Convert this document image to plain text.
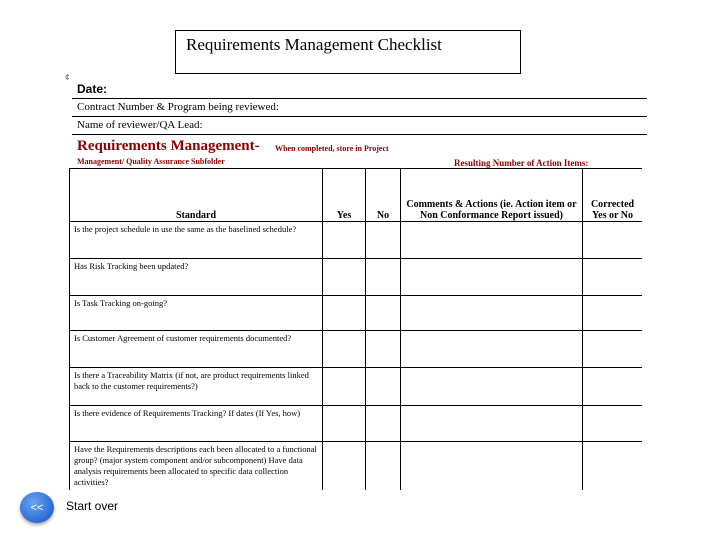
Requirements Management Checklist
¢
Date:
Contract Number & Program being reviewed:
Name of reviewer/QA Lead:
Requirements Management- When completed, store in Project
Management/ Quality Assurance Subfolder	Resulting Number of Action Items:
Standard	Yes	No	Comments & Actions (ie. Action item or Non Conformance Report issued)	Corrected Yes or No
Is the project schedule in use the same as the baselined schedule?				
Has Risk Tracking been updated?				
Is Task Tracking on-going?				
Is Customer Agreement of customer requirements documented?				
Is there a Traceability Matrix (if not, are product requirements linked back to the customer requirements?)				
Is there evidence of Requirements Tracking? If dates (If Yes, how)				
Have the Requirements descriptions each been allocated to a functional group? (major system component and/or subcomponent) Have data analysis requirements been allocated to specific data collection activities?				
<<	Start over
